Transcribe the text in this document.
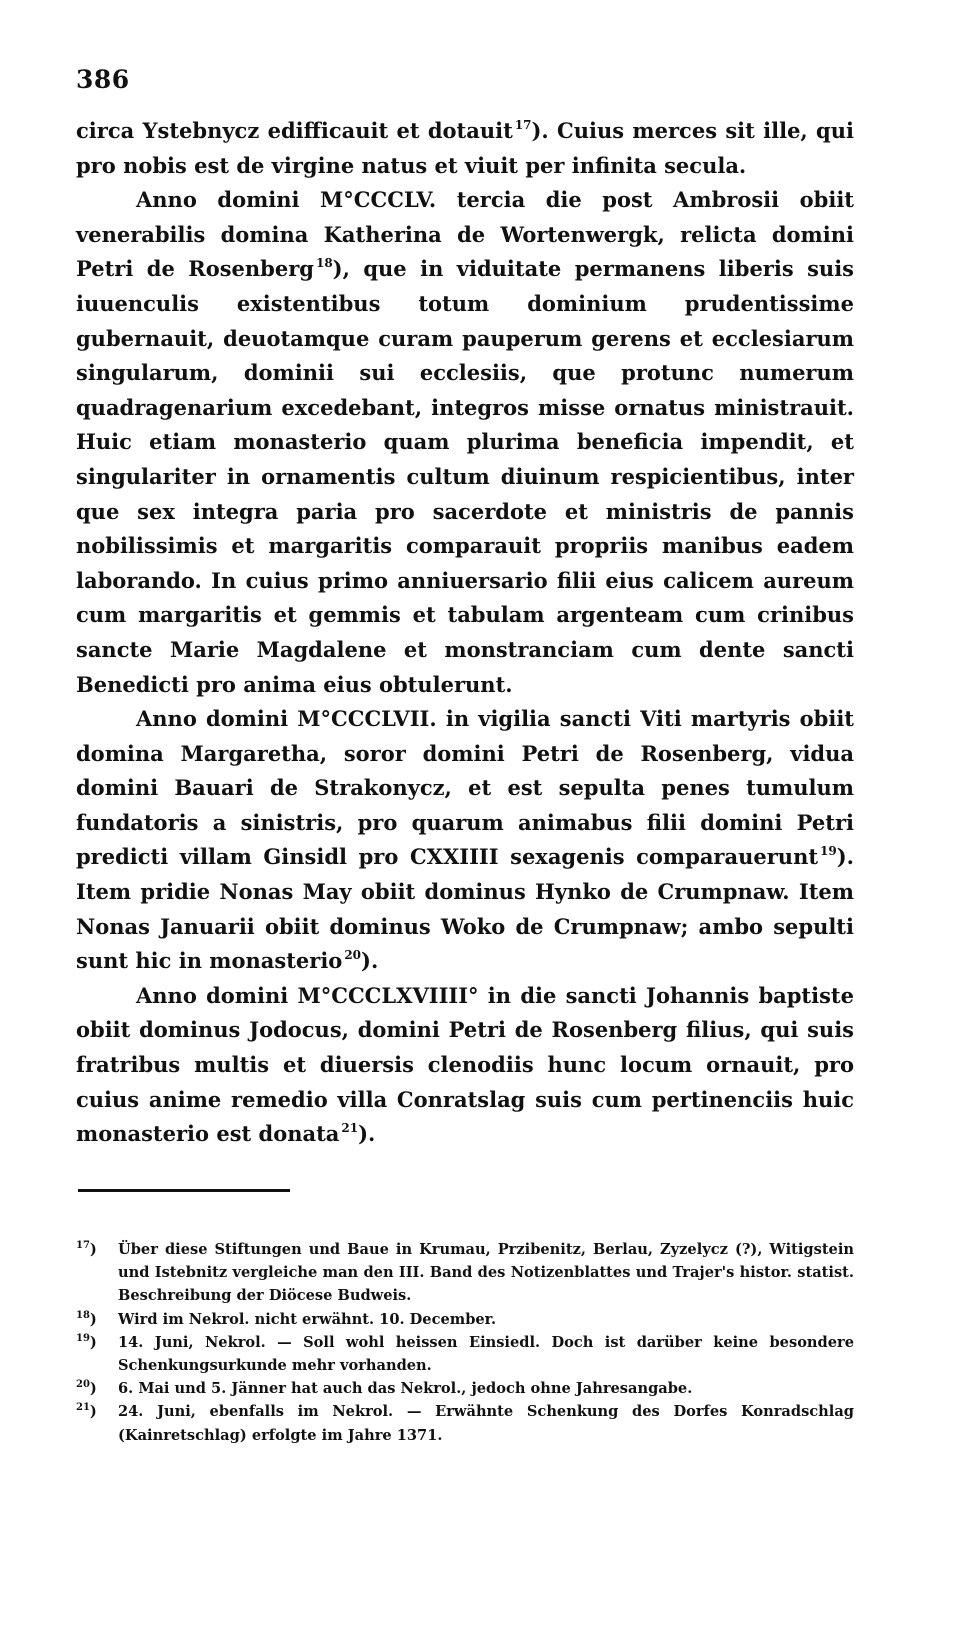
386

circa Ystebnycz edifficauit et dotauit $^{17}$). Cuius merces sit ille, qui pro nobis est de virgine natus et viuit per infinita secula.

Anno domini M°CCCLV. tercia die post Ambrosii obiit venerabilis domina Katherina de Wortenwergk, relicta domini Petri de Rosenberg $^{18}$), que in viduitate permanens liberis suis iuuenculis existentibus totum dominium prudentissime gubernauit, deuotamque curam pauperum gerens et ecclesiarum singularum, dominii sui ecclesiis, que protunc numerum quadragenarium excedebant, integros misse ornatus ministrauit. Huic etiam monasterio quam plurima beneficia impendit, et singulariter in ornamentis cultum diuinum respicientibus, inter que sex integra paria pro sacerdote et ministris de pannis nobilissimis et margaritis comparauit propriis manibus eadem laborando. In cuius primo anniuersario filii eius calicem aureum cum margaritis et gemmis et tabulam argenteam cum crinibus sancte Marie Magdalene et monstranciam cum dente sancti Benedicti pro anima eius obtulerunt.

Anno domini M°CCCLVII. in vigilia sancti Viti martyris obiit domina Margaretha, soror domini Petri de Rosenberg, vidua domini Bauari de Strakonycz, et est sepulta penes tumulum fundatoris a sinistris, pro quarum animabus filii domini Petri predicti villam Ginsidl pro CXXIIII sexagenis comparauerunt $^{19}$). Item pridie Nonas May obiit dominus Hynko de Crumpnaw. Item Nonas Januarii obiit dominus Woko de Crumpnaw; ambo sepulti sunt hic in monasterio $^{20}$).

Anno domini M°CCCLXVIIII° in die sancti Johannis baptiste obiit dominus Jodocus, domini Petri de Rosenberg filius, qui suis fratribus multis et diuersis clenodiis hunc locum ornauit, pro cuius anime remedio villa Conratslag suis cum pertinenciis huic monasterio est donata $^{21}$).

$^{17}$)	Über diese Stiftungen und Baue in Krumau, Przibenitz, Berlau, Zyzelycz (?), Witigstein und Istebnitz vergleiche man den III. Band des Notizenblattes und Trajer's histor. statist. Beschreibung der Diöcese Budweis.
$^{18}$)	Wird im Nekrol. nicht erwähnt. 10. December.
$^{19}$)	14. Juni, Nekrol. — Soll wohl heissen Einsiedl. Doch ist darüber keine besondere Schenkungsurkunde mehr vorhanden.
$^{20}$)	6. Mai und 5. Jänner hat auch das Nekrol., jedoch ohne Jahresangabe.
$^{21}$)	24. Juni, ebenfalls im Nekrol. — Erwähnte Schenkung des Dorfes Konradschlag (Kainretschlag) erfolgte im Jahre 1371.
